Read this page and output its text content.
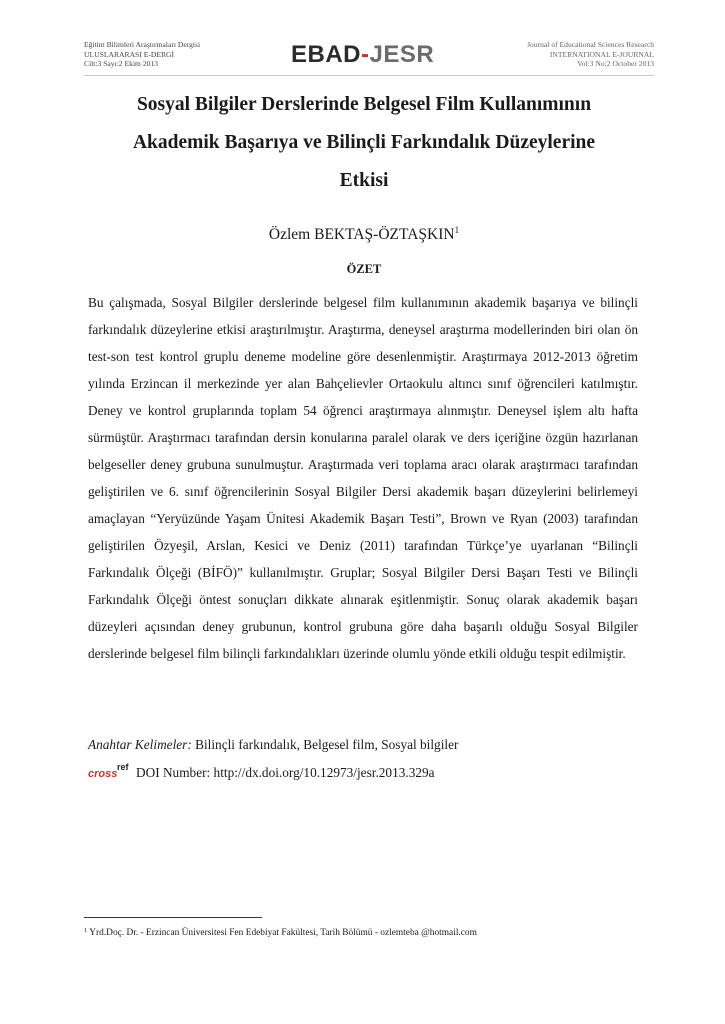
Eğitim Bilimleri Araştırmaları Dergisi
ULUSLARARASI E-DERGİ
Cilt:3 Sayı:2 Ekim 2013	EBAD-JESR	Journal of Educational Sciences Research
INTERNATIONAL E-JOURNAL
Vol:3 No:2 October 2013
Sosyal Bilgiler Derslerinde Belgesel Film Kullanımının
Akademik Başarıya ve Bilinçli Farkındalık Düzeylerine
Etkisi
Özlem BEKTAŞ-ÖZTAŞKIN$^1$
ÖZET

Bu çalışmada, Sosyal Bilgiler derslerinde belgesel film kullanımının akademik başarıya ve bilinçli farkındalık düzeylerine etkisi araştırılmıştır. Araştırma, deneysel araştırma modellerinden biri olan ön test-son test kontrol gruplu deneme modeline göre desenlenmiştir. Araştırmaya 2012-2013 öğretim yılında Erzincan il merkezinde yer alan Bahçelievler Ortaokulu altıncı sınıf öğrencileri katılmıştır. Deney ve kontrol gruplarında toplam 54 öğrenci araştırmaya alınmıştır. Deneysel işlem altı hafta sürmüştür. Araştırmacı tarafından dersin konularına paralel olarak ve ders içeriğine özgün hazırlanan belgeseller deney grubuna sunulmuştur. Araştırmada veri toplama aracı olarak araştırmacı tarafından geliştirilen ve 6. sınıf öğrencilerinin Sosyal Bilgiler Dersi akademik başarı düzeylerini belirlemeyi amaçlayan “Yeryüzünde Yaşam Ünitesi Akademik Başarı Testi”, Brown ve Ryan (2003) tarafından geliştirilen Özyeşil, Arslan, Kesici ve Deniz (2011) tarafından Türkçe’ye uyarlanan “Bilinçli Farkındalık Ölçeği (BİFÖ)” kullanılmıştır. Gruplar; Sosyal Bilgiler Dersi Başarı Testi ve Bilinçli Farkındalık Ölçeği öntest sonuçları dikkate alınarak eşitlenmiştir. Sonuç olarak akademik başarı düzeyleri açısından deney grubunun, kontrol grubuna göre daha başarılı olduğu Sosyal Bilgiler derslerinde belgesel film bilinçli farkındalıkları üzerinde olumlu yönde etkili olduğu tespit edilmiştir.

Anahtar Kelimeler: Bilinçli farkındalık, Belgesel film, Sosyal bilgiler
cross
ref DOI Number: http://dx.doi.org/10.12973/jesr.2013.329a
$^1$ Yrd.Doç. Dr. - Erzincan Üniversitesi Fen Edebiyat Fakültesi, Tarih Bölümü - ozlemteba @hotmail.com
